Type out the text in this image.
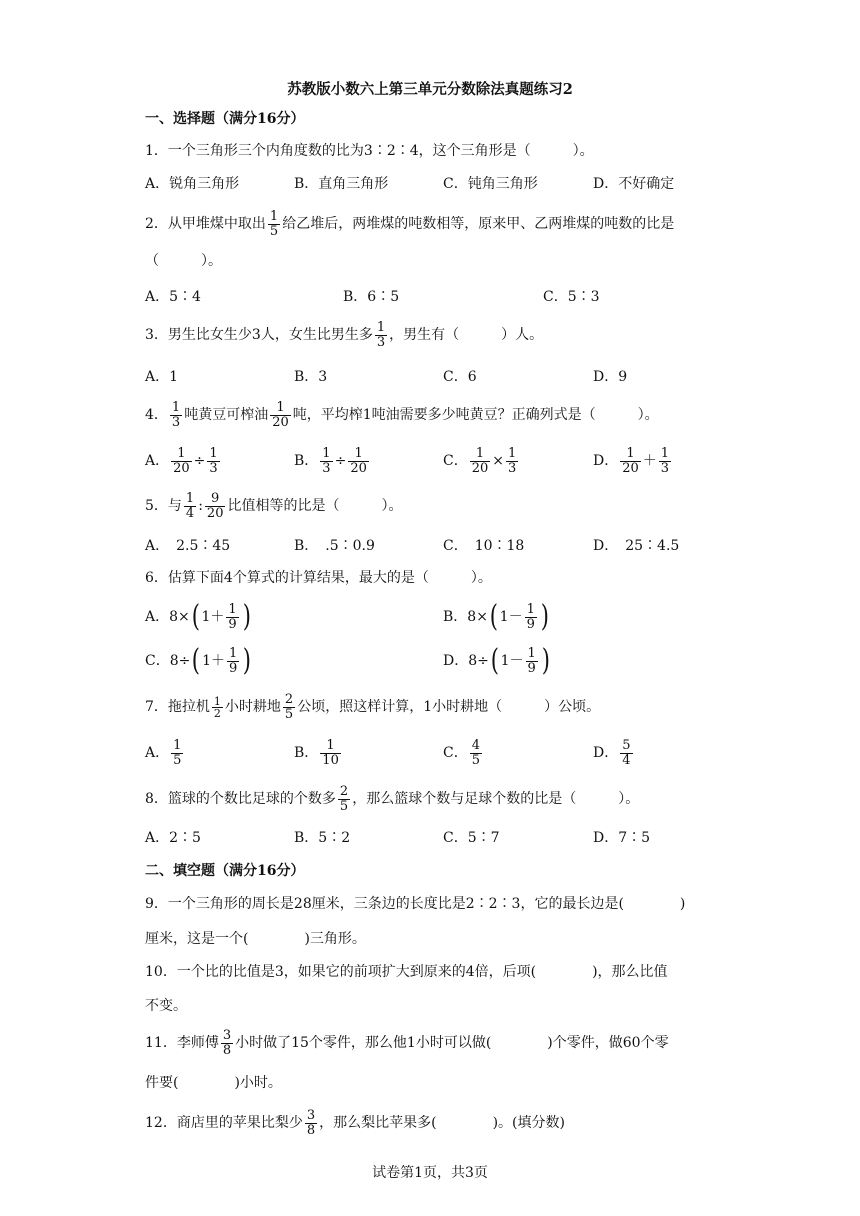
苏教版小数六上第三单元分数除法真题练习2
一、选择题（满分16分）
1．一个三角形三个内角度数的比为3∶2∶4，这个三角形是（　　　）。
A．锐角三角形	B．直角三角形	C．钝角三角形	D．不好确定
2．从甲堆煤中取出 $\frac{1}{5}$ 给乙堆后，两堆煤的吨数相等，原来甲、乙两堆煤的吨数的比是
（　　　）。
A．5∶4	B．6∶5	C．5∶3
3．男生比女生少3人，女生比男生多 $\frac{1}{3}$ ，男生有（　　　）人。
A．1	B．3	C．6	D．9
4． $\frac{1}{3}$ 吨黄豆可榨油 $\frac{1}{20}$ 吨，平均榨1吨油需要多少吨黄豆？正确列式是（　　　）。
A． $\frac{1}{20} \div \frac{1}{3}$	B． $\frac{1}{3} \div \frac{1}{20}$	C． $\frac{1}{20} \times \frac{1}{3}$	D． $\frac{1}{20} + \frac{1}{3}$
5．与 $\frac{1}{4}$ : $\frac{9}{20}$ 比值相等的比是（　　　）。
A．　2.5∶45	B．　.5∶0.9	C．　10∶18	D．　25∶4.5
6．估算下面4个算式的计算结果，最大的是（　　　）。
A．8×( $1+ \frac{1}{9}$ )	B．8×( $1- \frac{1}{9}$ )
C．8÷( $1+ \frac{1}{9}$ )	D．8÷( $1- \frac{1}{9}$ )
7．拖拉机 $\frac{1}{2}$ 小时耕地 $\frac{2}{5}$ 公顷，照这样计算，1小时耕地（　　　）公顷。
A． $\frac{1}{5}$	B． $\frac{1}{10}$	C． $\frac{4}{5}$	D． $\frac{5}{4}$
8．篮球的个数比足球的个数多 $\frac{2}{5}$ ，那么篮球个数与足球个数的比是（　　　）。
A．2∶5	B．5∶2	C．5∶7	D．7∶5
二、填空题（满分16分）
9．一个三角形的周长是28厘米，三条边的长度比是2∶2∶3，它的最长边是(　　　　)
厘米，这是一个(　　　　)三角形。
10．一个比的比值是3，如果它的前项扩大到原来的4倍，后项(　　　　)，那么比值
不变。
11．李师傅 $\frac{3}{8}$ 小时做了15个零件，那么他1小时可以做(　　　　)个零件，做60个零
件要(　　　　)小时。
12．商店里的苹果比梨少 $\frac{3}{8}$ ，那么梨比苹果多(　　　　)。(填分数)
试卷第1页，共3页
